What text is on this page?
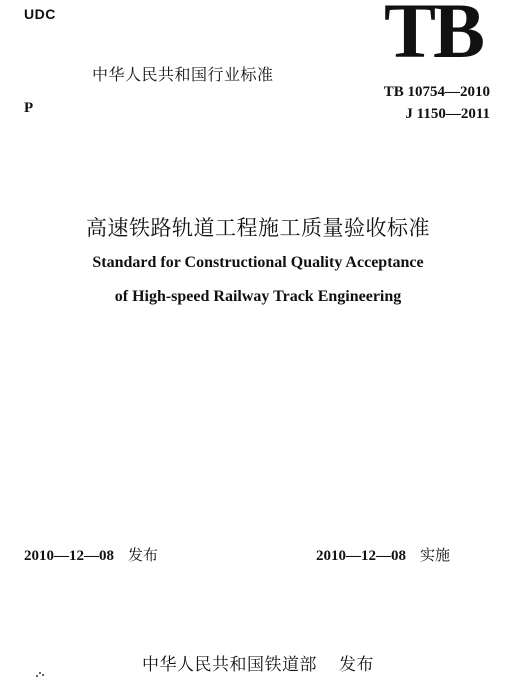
UDC	TB
中华人民共和国行业标准
P
TB 10754—2010
J 1150—2011
高速铁路轨道工程施工质量验收标准
Standard for Constructional Quality Acceptance
of High-speed Railway Track Engineering
2010—12—08 发布	2010—12—08 实施
中华人民共和国铁道部 发布
